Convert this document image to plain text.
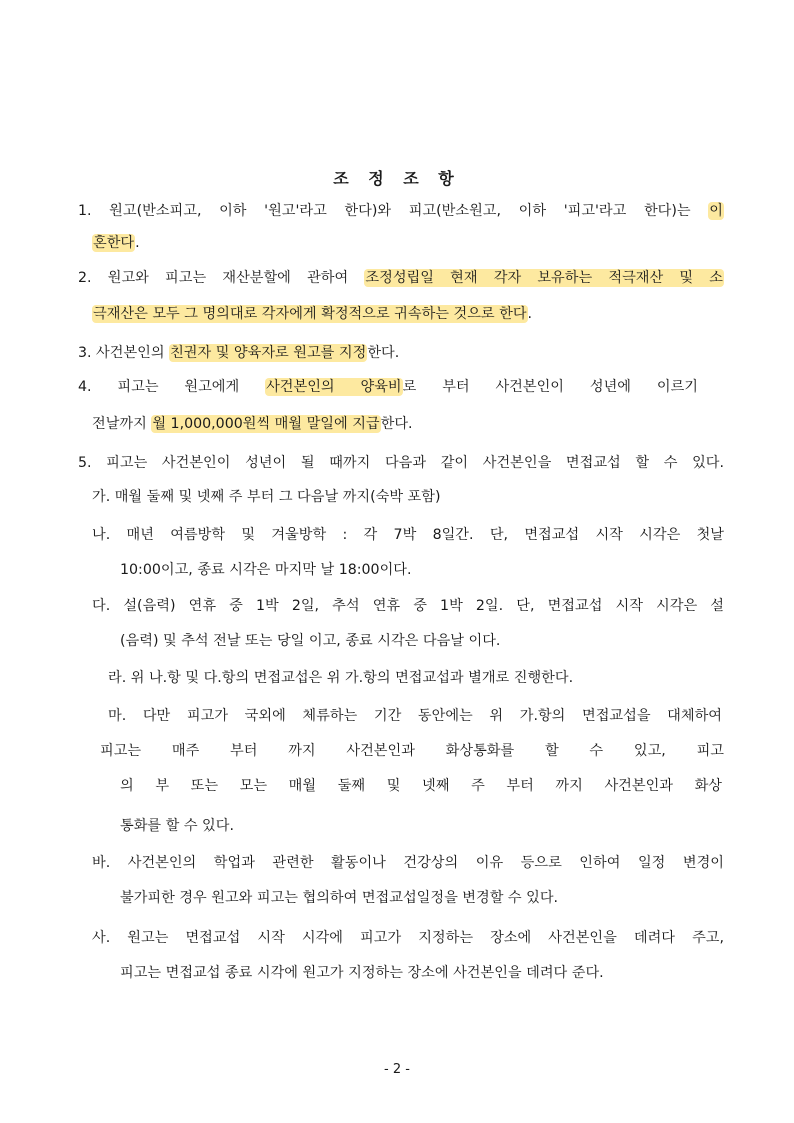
조 정 조 항
1. 원고(반소피고, 이하 '원고'라고 한다)와 피고(반소원고, 이하 '피고'라고 한다)는 이
혼한다.
2. 원고와 피고는 재산분할에 관하여 조정성립일 현재 각자 보유하는 적극재산 및 소
극재산은 모두 그 명의대로 각자에게 확정적으로 귀속하는 것으로 한다.
3. 사건본인의 친권자 및 양육자로 원고를 지정한다.
4. 피고는 원고에게 사건본인의 양육비로 부터 사건본인이 성년에 이르기
전날까지 월 1,000,000원씩 매월 말일에 지급한다.
5. 피고는 사건본인이 성년이 될 때까지 다음과 같이 사건본인을 면접교섭 할 수 있다.
가. 매월 둘째 및 넷째 주 부터 그 다음날 까지(숙박 포함)
나. 매년 여름방학 및 겨울방학 : 각 7박 8일간. 단, 면접교섭 시작 시각은 첫날
10:00이고, 종료 시각은 마지막 날 18:00이다.
다. 설(음력) 연휴 중 1박 2일, 추석 연휴 중 1박 2일. 단, 면접교섭 시작 시각은 설
(음력) 및 추석 전날 또는 당일 이고, 종료 시각은 다음날 이다.
라. 위 나.항 및 다.항의 면접교섭은 위 가.항의 면접교섭과 별개로 진행한다.
마. 다만 피고가 국외에 체류하는 기간 동안에는 위 가.항의 면접교섭을 대체하여
피고는 매주 부터 까지 사건본인과 화상통화를 할 수 있고, 피고
의 부 또는 모는 매월 둘째 및 넷째 주 부터 까지 사건본인과 화상
통화를 할 수 있다.
바. 사건본인의 학업과 관련한 활동이나 건강상의 이유 등으로 인하여 일정 변경이
불가피한 경우 원고와 피고는 협의하여 면접교섭일정을 변경할 수 있다.
사. 원고는 면접교섭 시작 시각에 피고가 지정하는 장소에 사건본인을 데려다 주고,
피고는 면접교섭 종료 시각에 원고가 지정하는 장소에 사건본인을 데려다 준다.
- 2 -
